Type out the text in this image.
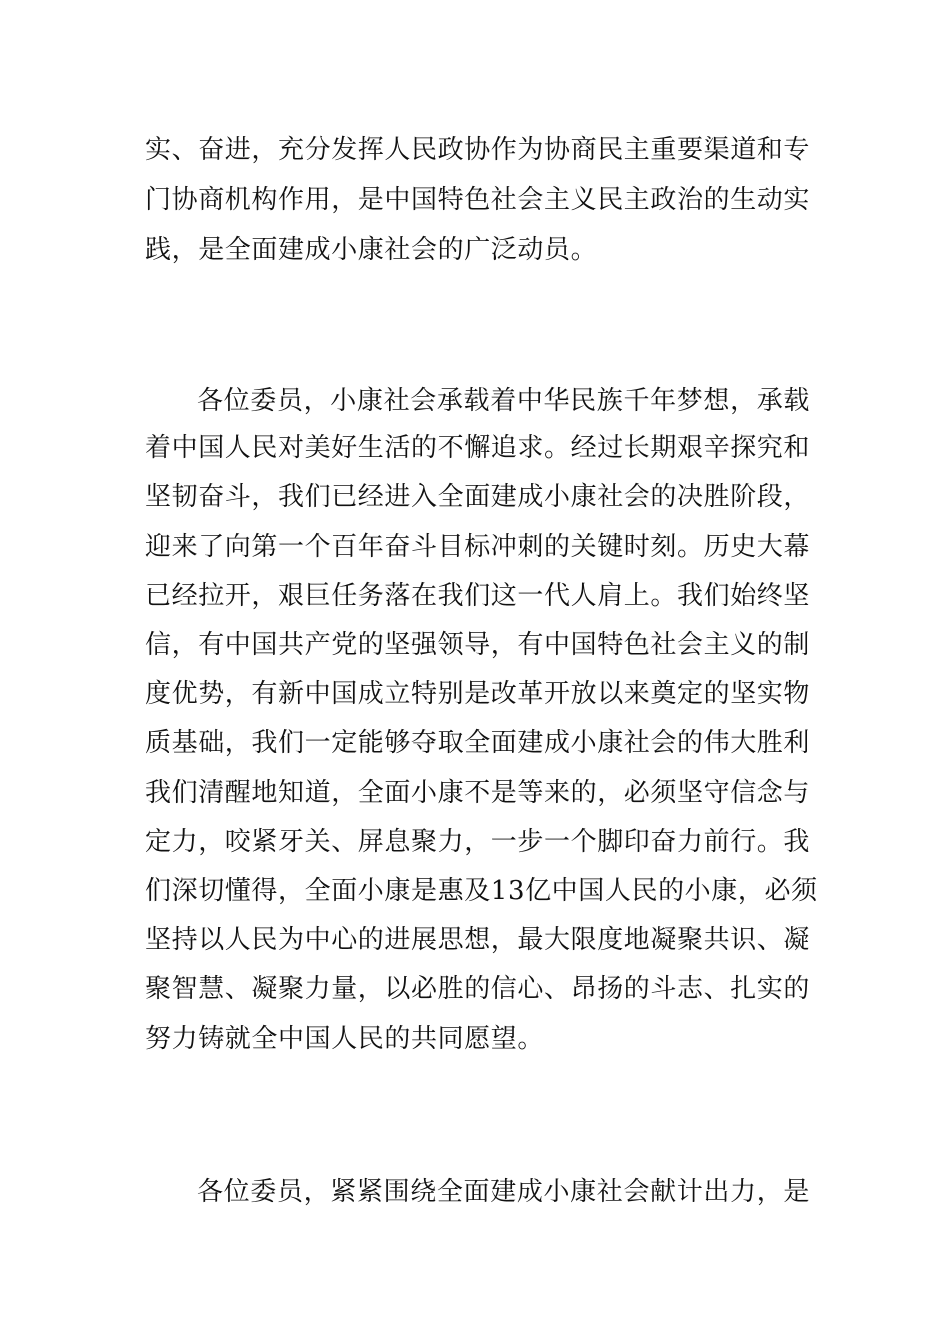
实、奋进，充分发挥人民政协作为协商民主重要渠道和专
门协商机构作用，是中国特色社会主义民主政治的生动实
践，是全面建成小康社会的广泛动员。
各位委员，小康社会承载着中华民族千年梦想，承载
着中国人民对美好生活的不懈追求。经过长期艰辛探究和
坚韧奋斗，我们已经进入全面建成小康社会的决胜阶段，
迎来了向第一个百年奋斗目标冲刺的关键时刻。历史大幕
已经拉开，艰巨任务落在我们这一代人肩上。我们始终坚
信，有中国共产党的坚强领导，有中国特色社会主义的制
度优势，有新中国成立特别是改革开放以来奠定的坚实物
质基础，我们一定能够夺取全面建成小康社会的伟大胜利
我们清醒地知道，全面小康不是等来的，必须坚守信念与
定力，咬紧牙关、屏息聚力，一步一个脚印奋力前行。我
们深切懂得，全面小康是惠及13亿中国人民的小康，必须
坚持以人民为中心的进展思想，最大限度地凝聚共识、凝
聚智慧、凝聚力量，以必胜的信心、昂扬的斗志、扎实的
努力铸就全中国人民的共同愿望。
各位委员，紧紧围绕全面建成小康社会献计出力，是
